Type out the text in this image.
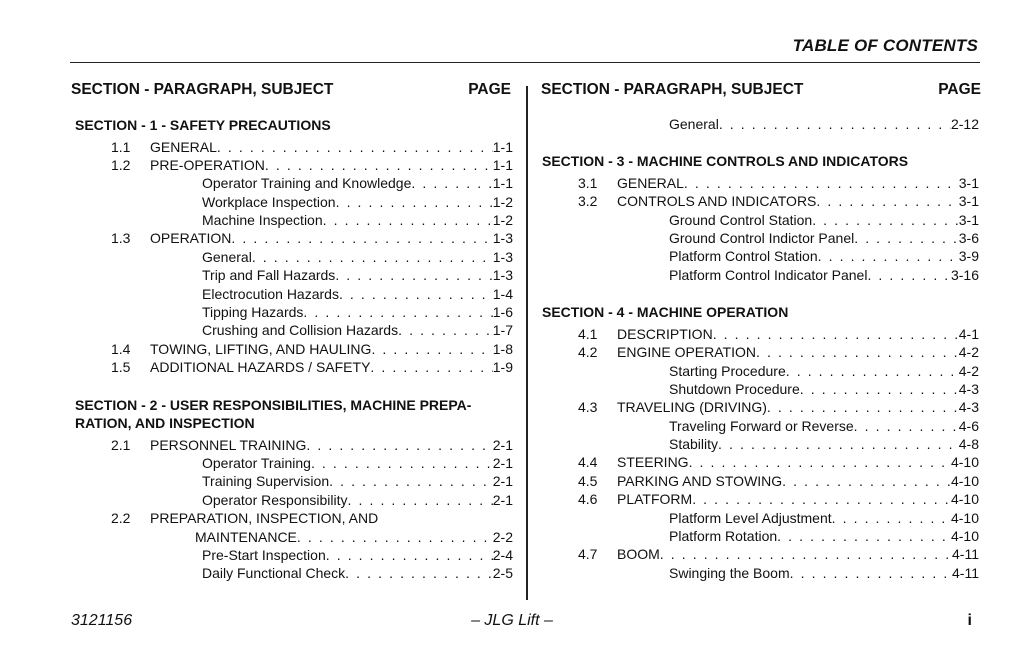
TABLE OF CONTENTS
SECTION - PARAGRAPH, SUBJECT	PAGE SECTION - PARAGRAPH, SUBJECT	PAGE
SECTION - 1 - SAFETY PRECAUTIONS
1.1	GENERAL . . .	1-1
1.2	PRE-OPERATION . . .	1-1
Operator Training and Knowledge . . .	1-1
Workplace Inspection . . .	1-2
Machine Inspection . . .	1-2
1.3	OPERATION . . .	1-3
General . . .	1-3
Trip and Fall Hazards . . .	1-3
Electrocution Hazards . . .	1-4
Tipping Hazards . . .	1-6
Crushing and Collision Hazards . . .	1-7
1.4	TOWING, LIFTING, AND HAULING . . .	1-8
1.5	ADDITIONAL HAZARDS / SAFETY . . .	1-9
SECTION - 2 - USER RESPONSIBILITIES, MACHINE PREPA-RATION, AND INSPECTION
2.1	PERSONNEL TRAINING . . .	2-1
Operator Training . . .	2-1
Training Supervision . . .	2-1
Operator Responsibility . . .	2-1
2.2	PREPARATION, INSPECTION, AND
MAINTENANCE . . .	2-2
Pre-Start Inspection . . .	2-4
Daily Functional Check . . .	2-5
General . . .	2-12
SECTION - 3 - MACHINE CONTROLS AND INDICATORS
3.1	GENERAL . . .	3-1
3.2	CONTROLS AND INDICATORS . . .	3-1
Ground Control Station . . .	3-1
Ground Control Indictor Panel . . .	3-6
Platform Control Station . . .	3-9
Platform Control Indicator Panel . . .	3-16
SECTION - 4 - MACHINE OPERATION
4.1	DESCRIPTION . . .	4-1
4.2	ENGINE OPERATION . . .	4-2
Starting Procedure . . .	4-2
Shutdown Procedure . . .	4-3
4.3	TRAVELING (DRIVING) . . .	4-3
Traveling Forward or Reverse . . .	4-6
Stability . . .	4-8
4.4	STEERING . . .	4-10
4.5	PARKING AND STOWING . . .	4-10
4.6	PLATFORM . . .	4-10
Platform Level Adjustment . . .	4-10
Platform Rotation . . .	4-10
4.7	BOOM . . .	4-11
Swinging the Boom . . .	4-11
3121156	– JLG Lift –	i
